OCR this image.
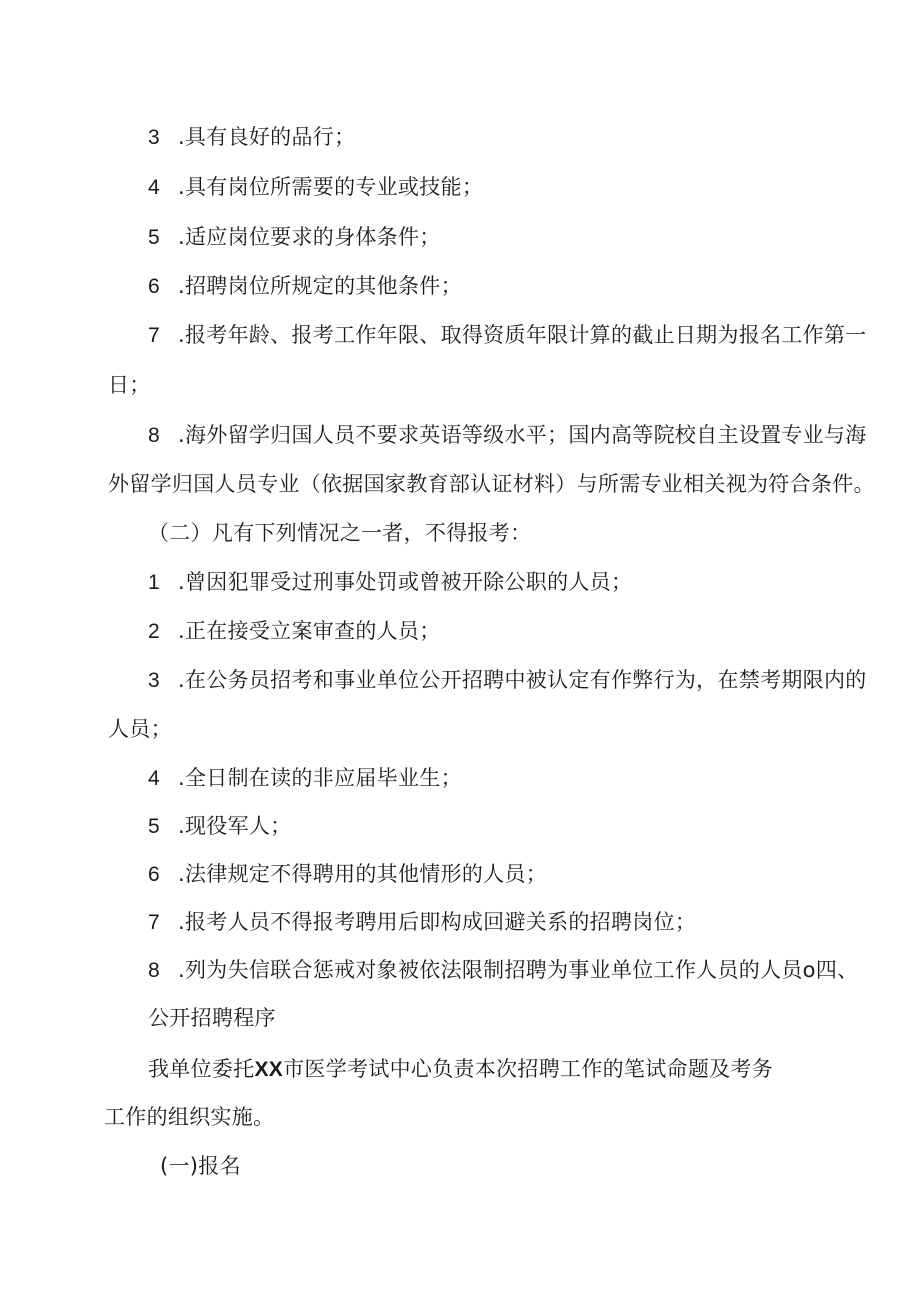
3 .具有良好的品行；
4 .具有岗位所需要的专业或技能；
5 .适应岗位要求的身体条件；
6 .招聘岗位所规定的其他条件；
7 .报考年龄、报考工作年限、取得资质年限计算的截止日期为报名工作第一
日；
8 .海外留学归国人员不要求英语等级水平；国内高等院校自主设置专业与海
外留学归国人员专业（依据国家教育部认证材料）与所需专业相关视为符合条件。
（二）凡有下列情况之一者，不得报考：
1 .曾因犯罪受过刑事处罚或曾被开除公职的人员；
2 .正在接受立案审查的人员；
3 .在公务员招考和事业单位公开招聘中被认定有作弊行为，在禁考期限内的
人员；
4 .全日制在读的非应届毕业生；
5 .现役军人；
6 .法律规定不得聘用的其他情形的人员；
7 .报考人员不得报考聘用后即构成回避关系的招聘岗位；
8 .列为失信联合惩戒对象被依法限制招聘为事业单位工作人员的人员o四、
公开招聘程序
我单位委托XX市医学考试中心负责本次招聘工作的笔试命题及考务
工作的组织实施。
(一)报名
